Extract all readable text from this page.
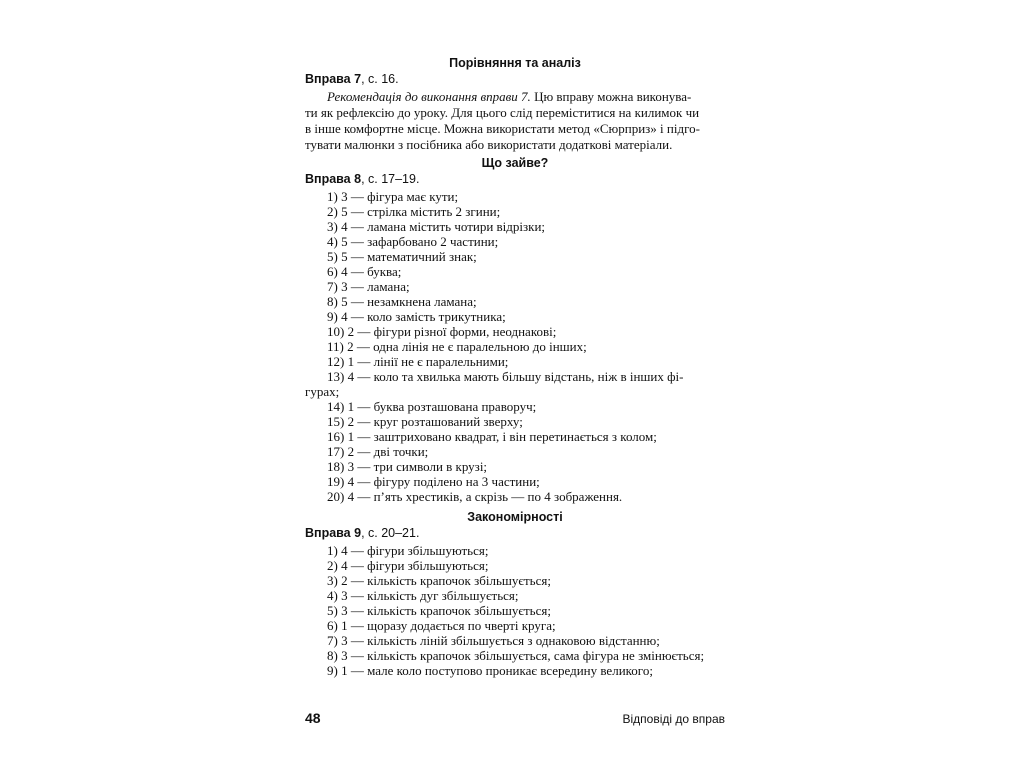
Порівняння та аналіз
Вправа 7, с. 16.
Рекомендація до виконання вправи 7. Цю вправу можна виконува-
ти як рефлексію до уроку. Для цього слід переміститися на килимок чи
в інше комфортне місце. Можна використати метод «Сюрприз» і підго-
тувати малюнки з посібника або використати додаткові матеріали.
Що зайве?
Вправа 8, с. 17–19.
1) 3 — фігура має кути;
2) 5 — стрілка містить 2 згини;
3) 4 — ламана містить чотири відрізки;
4) 5 — зафарбовано 2 частини;
5) 5 — математичний знак;
6) 4 — буква;
7) 3 — ламана;
8) 5 — незамкнена ламана;
9) 4 — коло замість трикутника;
10) 2 — фігури різної форми, неоднакові;
11) 2 — одна лінія не є паралельною до інших;
12) 1 — лінії не є паралельними;
13) 4 — коло та хвилька мають більшу відстань, ніж в інших фі-
гурах;
14) 1 — буква розташована праворуч;
15) 2 — круг розташований зверху;
16) 1 — заштриховано квадрат, і він перетинається з колом;
17) 2 — дві точки;
18) 3 — три символи в крузі;
19) 4 — фігуру поділено на 3 частини;
20) 4 — п’ять хрестиків, а скрізь — по 4 зображення.
Закономірності
Вправа 9, с. 20–21.
1) 4 — фігури збільшуються;
2) 4 — фігури збільшуються;
3) 2 — кількість крапочок збільшується;
4) 3 — кількість дуг збільшується;
5) 3 — кількість крапочок збільшується;
6) 1 — щоразу додається по чверті круга;
7) 3 — кількість ліній збільшується з однаковою відстанню;
8) 3 — кількість крапочок збільшується, сама фігура не змінюється;
9) 1 — мале коло поступово проникає всередину великого;
48	Відповіді до вправ
